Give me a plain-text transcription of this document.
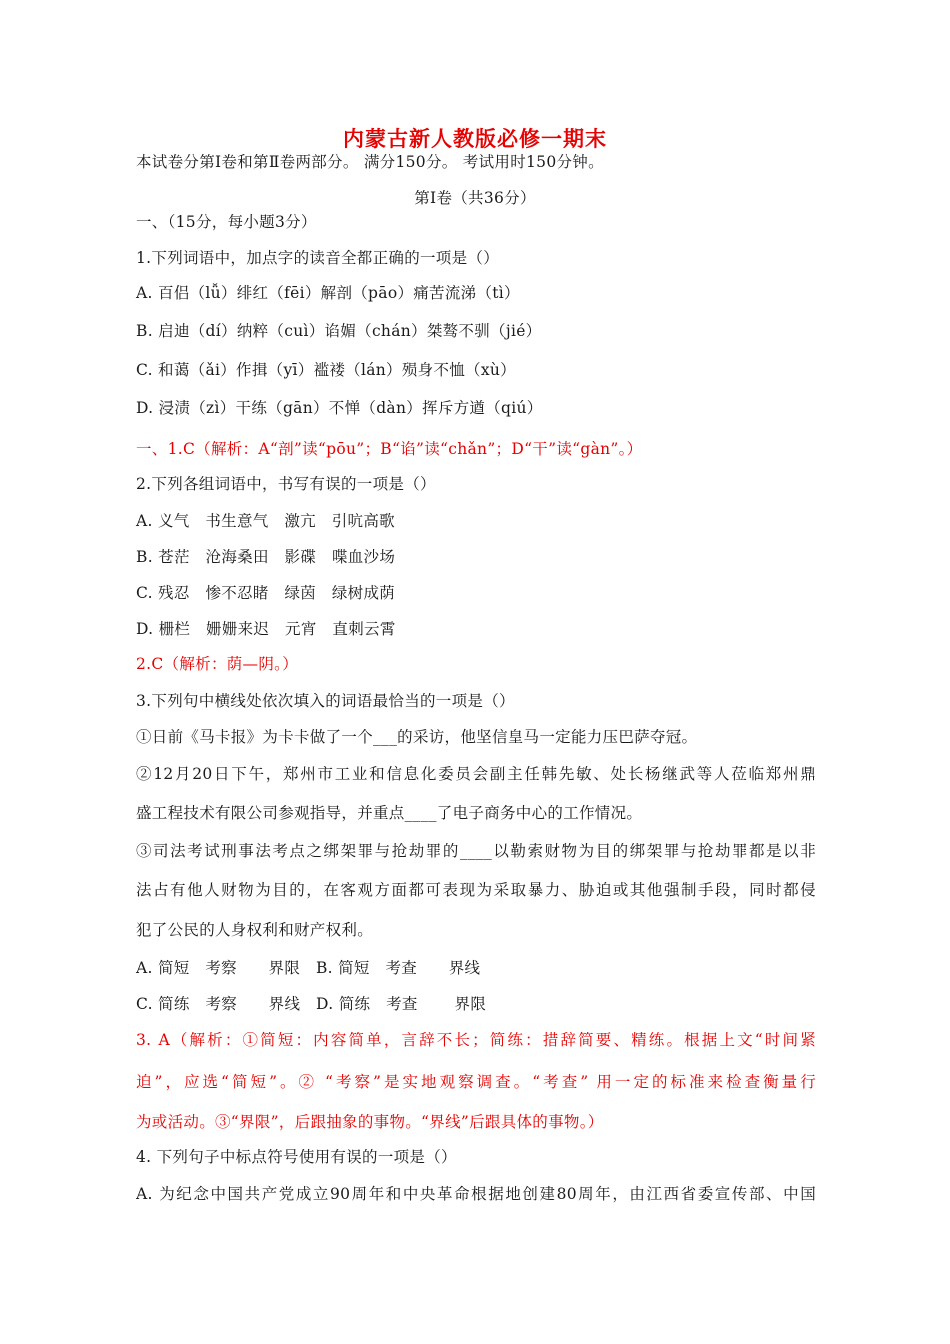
内蒙古新人教版必修一期末
本试卷分第Ⅰ卷和第Ⅱ卷两部分。 满分150分。 考试用时150分钟。
第Ⅰ卷（共36分）
一、（15分，每小题3分）
1.下列词语中，加点字的读音全都正确的一项是（）
A. 百侣（lǚ）绯红（fēi）解剖（pāo）痛苦流涕（tì）
B. 启迪（dí）纳粹（cuì）谄媚（chán）桀骜不驯（jié）
C. 和蔼（ǎi）作揖（yī）褴褛（lán）殒身不恤（xù）
D. 浸渍（zì）干练（gān）不惮（dàn）挥斥方遒（qiú）
一、1.C（解析：A“剖”读“pōu”；B“谄”读“chǎn”；D“干”读“gàn”。）
2.下列各组词语中，书写有误的一项是（）
A. 义气　书生意气　激亢　引吭高歌
B. 苍茫　沧海桑田　影碟　喋血沙场
C. 残忍　惨不忍睹　绿茵　绿树成荫
D. 栅栏　姗姗来迟　元宵　直刺云霄
2.C（解析：荫—阴。）
3.下列句中横线处依次填入的词语最恰当的一项是（）
①日前《马卡报》为卡卡做了一个___的采访，他坚信皇马一定能力压巴萨夺冠。
②12月20日下午，郑州市工业和信息化委员会副主任韩先敏、处长杨继武等人莅临郑州鼎
盛工程技术有限公司参观指导，并重点____了电子商务中心的工作情况。
③司法考试刑事法考点之绑架罪与抢劫罪的____以勒索财物为目的绑架罪与抢劫罪都是以非
法占有他人财物为目的，在客观方面都可表现为采取暴力、胁迫或其他强制手段，同时都侵
犯了公民的人身权利和财产权利。
A. 简短　考察　　界限　B. 简短　考查　　界线
C. 简练　考察　　界线　D. 简练　考查　　 界限
3. A（解析：①简短：内容简单，言辞不长；简练：措辞简要、精练。根据上文“时间紧
迫”，应选“简短”。② “考察”是实地观察调查。“考查” 用一定的标准来检查衡量行
为或活动。③“界限”，后跟抽象的事物。“界线”后跟具体的事物。）
4. 下列句子中标点符号使用有误的一项是（）
A. 为纪念中国共产党成立90周年和中央革命根据地创建80周年，由江西省委宣传部、中国
